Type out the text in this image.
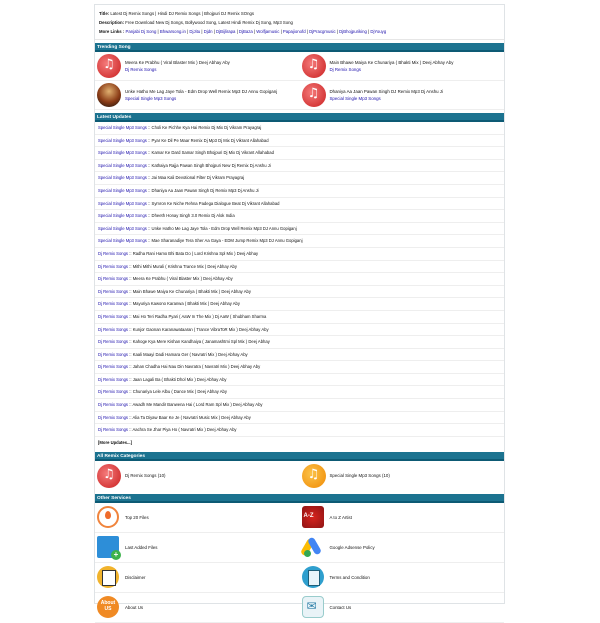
Title: Latest Dj Remix Songs | Hindi DJ Remix Songs | Bhojpuri DJ Remix SOngs
Description: Free Download New Dj Songs, Bollywood Song, Latest Hindi Remix Dj Song, Mp3 Song
More Links : Panjabi Dj Song | Bhwarsong.in | DjJitu | Djdn | DjBijlirapa | DjBaza | Wolfjamusic | Papajionofd | DjPracgmusic | DjBhojpuriking | DjYouyg
Trending Song
♫
Meera Ke Prabhu ( Viral Blaster Mix ) Deej Abhay Aby
Dj Remix Songs
♫
Main Bhawe Maiya Ke Chunariya ( Bhakti Mix ) Deej Abhay Aby
Dj Remix Songs
Unke Hatho Me Lag Jaye Tola - Edm Drop Well Remix Mp3 DJ Annu Gopiganj
Special Single Mp3 Songs
♫
Dhaniya Aa Jaan Pawan Singh DJ Remix Mp3 Dj Anshu Ji
Special Single Mp3 Songs
Latest Updates
Special Single Mp3 Songs :: Choli Ke Pichhe Kya Hai Remix Dj Mix Dj Vikram Prayagraj
Special Single Mp3 Songs :: Pyar Ke Dil Pe Maar Remix Dj Mp3 Dj Mix Dj Vikrant Allahabad
Special Single Mp3 Songs :: Kamar Ke Dard Samar Singh Bhojpuri Dj Mix Dj Vikrant Allahabad
Special Single Mp3 Songs :: Kathaiya Rajja Pawan Singh Bhojpuri New Dj Remix Dj Anshu Ji
Special Single Mp3 Songs :: Jai Maa Kali Devotional Filter Dj Vikram Prayagraj
Special Single Mp3 Songs :: Dhaniya Aa Jaan Pawan Singh Dj Remix Mp3 Dj Anshu Ji
Special Single Mp3 Songs :: Symron Ke Niche Rehna Padega Dialogue Beat Dj Vikrant Allahabad
Special Single Mp3 Songs :: Dheeth Honay Singh 3.0 Remix Dj Alok India
Special Single Mp3 Songs :: Unke Hatho Me Lag Jaye Tola - Edm Drop Well Remix Mp3 DJ Annu Gopiganj
Special Single Mp3 Songs :: Mae Sharanadiye Tera Sher Aa Gaya - EDM Jump Remix Mp3 DJ Annu Gopiganj
Dj Remix Songs :: Radha Rani Hamo Bhi Bata Do ( Lord Krishna Spl Mix ) Deej Abhay
Dj Remix Songs :: Mithi Mithi Murali ( Krishna Trance Mix ) Deej Abhay Aby
Dj Remix Songs :: Meera Ke Prabhu ( Viral Blaster Mix ) Deej Abhay Aby
Dj Remix Songs :: Main Bhawe Maiya Ke Chunariya ( Bhakti Mix ) Deej Abhay Aby
Dj Remix Songs :: Mayuriya Kawono Karanwa ( Bhakti Mix ) Deej Abhay Aby
Dj Remix Songs :: Mai Ho Teri Radha Pyari ( AaW In The Mix ) Dj AaW ( Shubham Sharma
Dj Remix Songs :: Kunjor Gaonan Karanawataaran ( Trance VibraToR Mix ) Deej Abhay Aby
Dj Remix Songs :: Kahoge Kya Mere Kishan Kandhaiya ( Janamashtmi Spl Mix ) Deej Abhay
Dj Remix Songs :: Kaali Maayi Dadi Hamara Ger ( Navratri Mix ) Deej Abhay Aby
Dj Remix Songs :: Jahan Chadha Hai Nau Din Navratra ( Navratri Mix ) Deej Abhay Aby
Dj Remix Songs :: Jaan Lagali Ba ( Bhakti Dhol Mix ) Deej Abhay Aby
Dj Remix Songs :: Chunariya Lele Albu ( Dance Mix ) Deej Abhay Aby
Dj Remix Songs :: Awadh Me Mandir Banwena Hai ( Lord Ram Spl Mix ) Deej Abhay Aby
Dj Remix Songs :: Alia Ta Diyaw Baar Ke Je ( Navratri Music Mix ) Deej Abhay Aby
Dj Remix Songs :: Aachra Se Jhar Piya Ho ( Navratri Mix ) Deej Abhay Aby
[More Updates...]
All Remix Categories
♫
Dj Remix Songs (10) ♫	Special Single Mp3 Songs (10)
Other Services
Top 20 Files A-Z	A to Z Artist
+
Last Added Files	Google Adsense Policy
Disclaimer	Terms and Condition
About US	About Us ✉	Contact Us
